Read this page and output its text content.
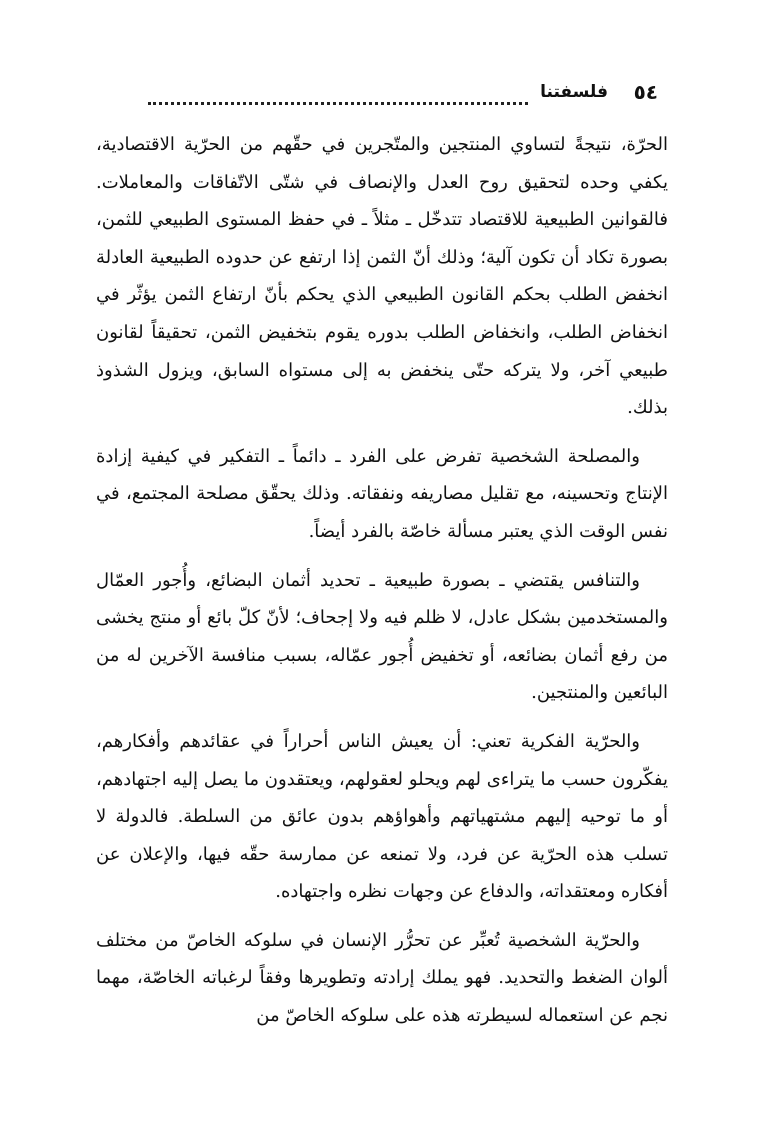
٥٤
فلسفتنا

الحرّة، نتيجةً لتساوي المنتجين والمتّجرين في حقّهم من الحرّية الاقتصادية، يكفي وحده لتحقيق روح العدل والإنصاف في شتّى الاتّفاقات والمعاملات. فالقوانين الطبيعية للاقتصاد تتدخّل ـ مثلاً ـ في حفظ المستوى الطبيعي للثمن، بصورة تكاد أن تكون آلية؛ وذلك أنّ الثمن إذا ارتفع عن حدوده الطبيعية العادلة انخفض الطلب بحكم القانون الطبيعي الذي يحكم بأنّ ارتفاع الثمن يؤثّر في انخفاض الطلب، وانخفاض الطلب بدوره يقوم بتخفيض الثمن، تحقيقاً لقانون طبيعي آخر، ولا يتركه حتّى ينخفض به إلى مستواه السابق، ويزول الشذوذ بذلك.

والمصلحة الشخصية تفرض على الفرد ـ دائماً ـ التفكير في كيفية إزادة الإنتاج وتحسينه، مع تقليل مصاريفه ونفقاته. وذلك يحقّق مصلحة المجتمع، في نفس الوقت الذي يعتبر مسألة خاصّة بالفرد أيضاً.

والتنافس يقتضي ـ بصورة طبيعية ـ تحديد أثمان البضائع، وأُجور العمّال والمستخدمين بشكل عادل، لا ظلم فيه ولا إجحاف؛ لأنّ كلّ بائع أو منتج يخشى من رفع أثمان بضائعه، أو تخفيض أُجور عمّاله، بسبب منافسة الآخرين له من البائعين والمنتجين.

والحرّية الفكرية تعني: أن يعيش الناس أحراراً في عقائدهم وأفكارهم، يفكّرون حسب ما يتراءى لهم ويحلو لعقولهم، ويعتقدون ما يصل إليه اجتهادهم، أو ما توحيه إليهم مشتهياتهم وأهواؤهم بدون عائق من السلطة. فالدولة لا تسلب هذه الحرّية عن فرد، ولا تمنعه عن ممارسة حقّه فيها، والإعلان عن أفكاره ومعتقداته، والدفاع عن وجهات نظره واجتهاده.

والحرّية الشخصية تُعبِّر عن تحرُّر الإنسان في سلوكه الخاصّ من مختلف ألوان الضغط والتحديد. فهو يملك إرادته وتطويرها وفقاً لرغباته الخاصّة، مهما نجم عن استعماله لسيطرته هذه على سلوكه الخاصّ من
